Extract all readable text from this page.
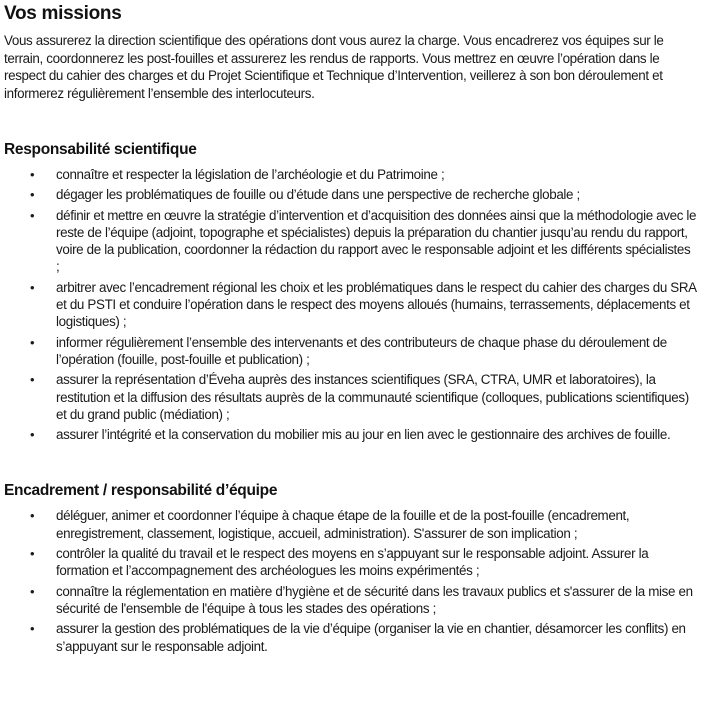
Vos missions

Vous assurerez la direction scientifique des opérations dont vous aurez la charge. Vous encadrerez vos équipes sur le terrain, coordonnerez les post-fouilles et assurerez les rendus de rapports. Vous mettrez en œuvre l’opération dans le respect du cahier des charges et du Projet Scientifique et Technique d’Intervention, veillerez à son bon déroulement et informerez régulièrement l’ensemble des interlocuteurs.

Responsabilité scientifique
• connaître et respecter la législation de l’archéologie et du Patrimoine ;
• dégager les problématiques de fouille ou d’étude dans une perspective de recherche globale ;
• définir et mettre en œuvre la stratégie d’intervention et d’acquisition des données ainsi que la méthodologie avec le reste de l’équipe (adjoint, topographe et spécialistes) depuis la préparation du chantier jusqu’au rendu du rapport, voire de la publication, coordonner la rédaction du rapport avec le responsable adjoint et les différents spécialistes ;
• arbitrer avec l’encadrement régional les choix et les problématiques dans le respect du cahier des charges du SRA et du PSTI et conduire l’opération dans le respect des moyens alloués (humains, terrassements, déplacements et logistiques) ;
• informer régulièrement l’ensemble des intervenants et des contributeurs de chaque phase du déroulement de l’opération (fouille, post-fouille et publication) ;
• assurer la représentation d’Éveha auprès des instances scientifiques (SRA, CTRA, UMR et laboratoires), la restitution et la diffusion des résultats auprès de la communauté scientifique (colloques, publications scientifiques) et du grand public (médiation) ;
• assurer l’intégrité et la conservation du mobilier mis au jour en lien avec le gestionnaire des archives de fouille.
Encadrement / responsabilité d’équipe
• déléguer, animer et coordonner l’équipe à chaque étape de la fouille et de la post-fouille (encadrement, enregistrement, classement, logistique, accueil, administration). S'assurer de son implication ;
• contrôler la qualité du travail et le respect des moyens en s’appuyant sur le responsable adjoint. Assurer la formation et l’accompagnement des archéologues les moins expérimentés ;
• connaître la réglementation en matière d’hygiène et de sécurité dans les travaux publics et s'assurer de la mise en sécurité de l'ensemble de l'équipe à tous les stades des opérations ;
• assurer la gestion des problématiques de la vie d’équipe (organiser la vie en chantier, désamorcer les conflits) en s’appuyant sur le responsable adjoint.
